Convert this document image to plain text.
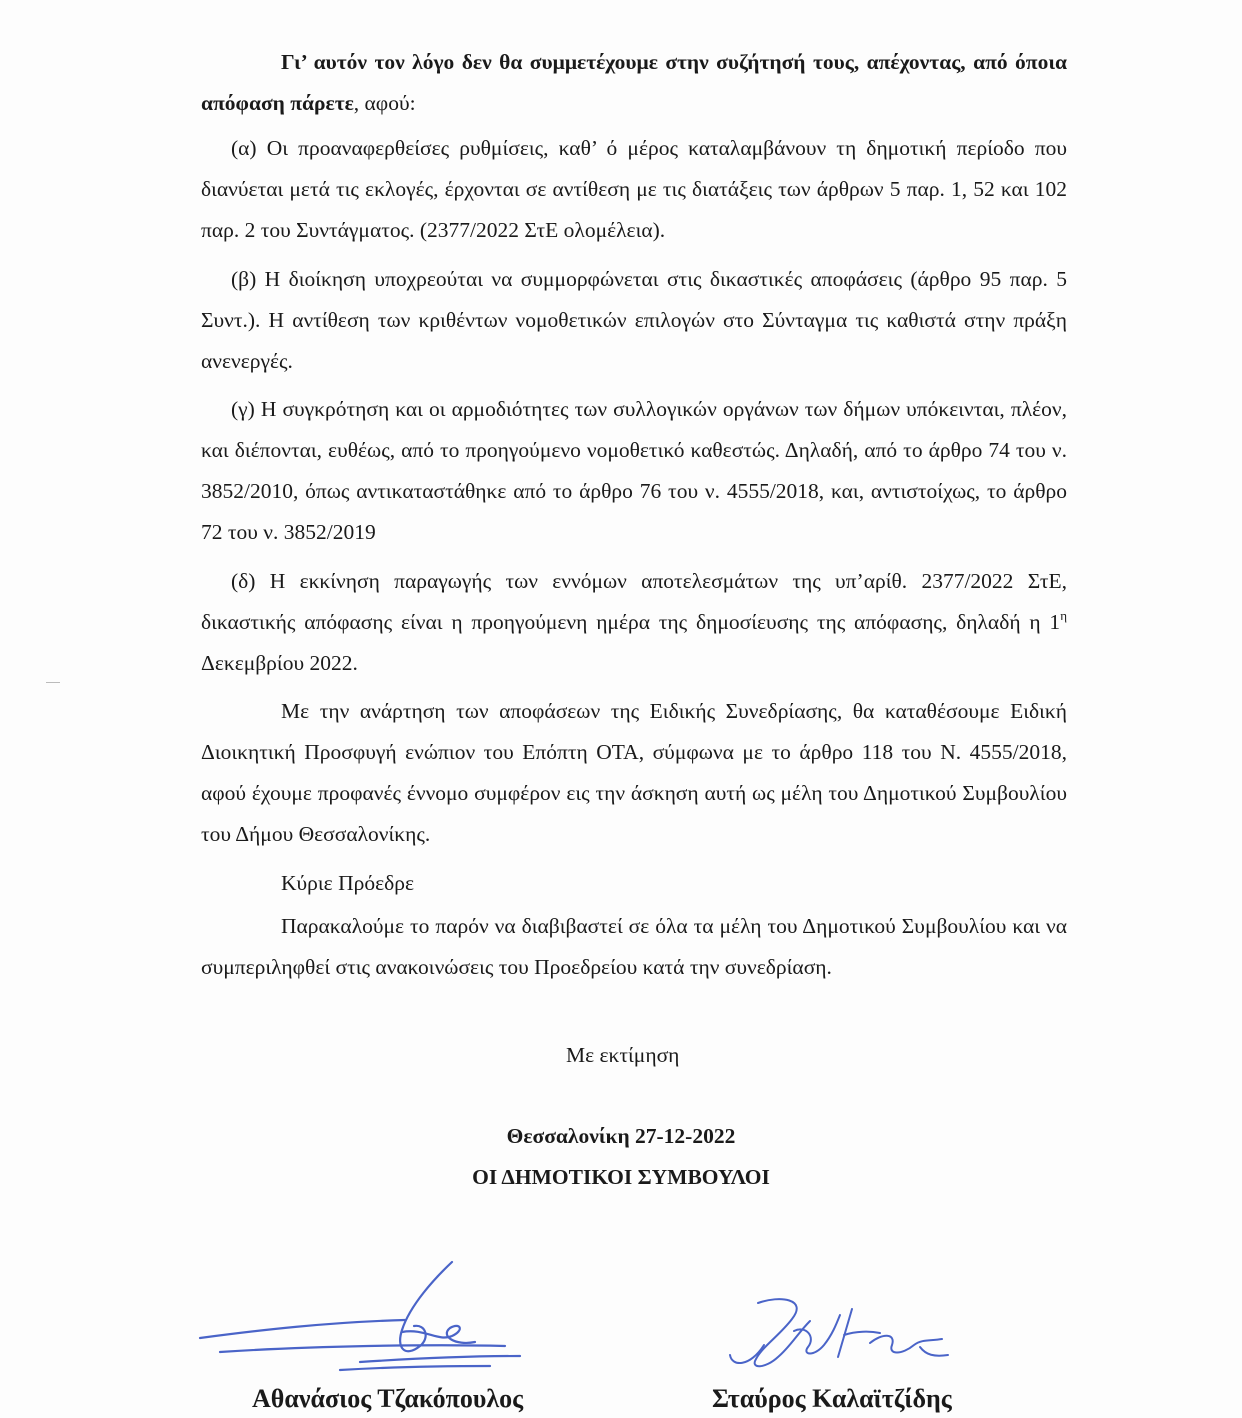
Γι’ αυτόν τον λόγο δεν θα συμμετέχουμε στην συζήτησή τους, απέχοντας, από όποια απόφαση πάρετε, αφού:

(α) Οι προαναφερθείσες ρυθμίσεις, καθ’ ό μέρος καταλαμβάνουν τη δημοτική περίοδο που διανύεται μετά τις εκλογές, έρχονται σε αντίθεση με τις διατάξεις των άρθρων 5 παρ. 1, 52 και 102 παρ. 2 του Συντάγματος. (2377/2022 ΣτΕ ολομέλεια).

(β) Η διοίκηση υποχρεούται να συμμορφώνεται στις δικαστικές αποφάσεις (άρθρο 95 παρ. 5 Συντ.). Η αντίθεση των κριθέντων νομοθετικών επιλογών στο Σύνταγμα τις καθιστά στην πράξη ανενεργές.

(γ) Η συγκρότηση και οι αρμοδιότητες των συλλογικών οργάνων των δήμων υπόκεινται, πλέον, και διέπονται, ευθέως, από το προηγούμενο νομοθετικό καθεστώς. Δηλαδή, από το άρθρο 74 του ν. 3852/2010, όπως αντικαταστάθηκε από το άρθρο 76 του ν. 4555/2018, και, αντιστοίχως, το άρθρο 72 του ν. 3852/2019

(δ) Η εκκίνηση παραγωγής των εννόμων αποτελεσμάτων της υπ’αρίθ. 2377/2022 ΣτΕ, δικαστικής απόφασης είναι η προηγούμενη ημέρα της δημοσίευσης της απόφασης, δηλαδή η $1^\eta$ Δεκεμβρίου 2022.

Με την ανάρτηση των αποφάσεων της Ειδικής Συνεδρίασης, θα καταθέσουμε Ειδική Διοικητική Προσφυγή ενώπιον του Επόπτη ΟΤΑ, σύμφωνα με το άρθρο 118 του Ν. 4555/2018, αφού έχουμε προφανές έννομο συμφέρον εις την άσκηση αυτή ως μέλη του Δημοτικού Συμβουλίου του Δήμου Θεσσαλονίκης.

Κύριε Πρόεδρε

Παρακαλούμε το παρόν να διαβιβαστεί σε όλα τα μέλη του Δημοτικού Συμβουλίου και να συμπεριληφθεί στις ανακοινώσεις του Προεδρείου κατά την συνεδρίαση.

Με εκτίμηση

Θεσσαλονίκη 27-12-2022

ΟΙ ΔΗΜΟΤΙΚΟΙ ΣΥΜΒΟΥΛΟΙ

Αθανάσιος Τζακόπουλος	Σταύρος Καλαϊτζίδης
